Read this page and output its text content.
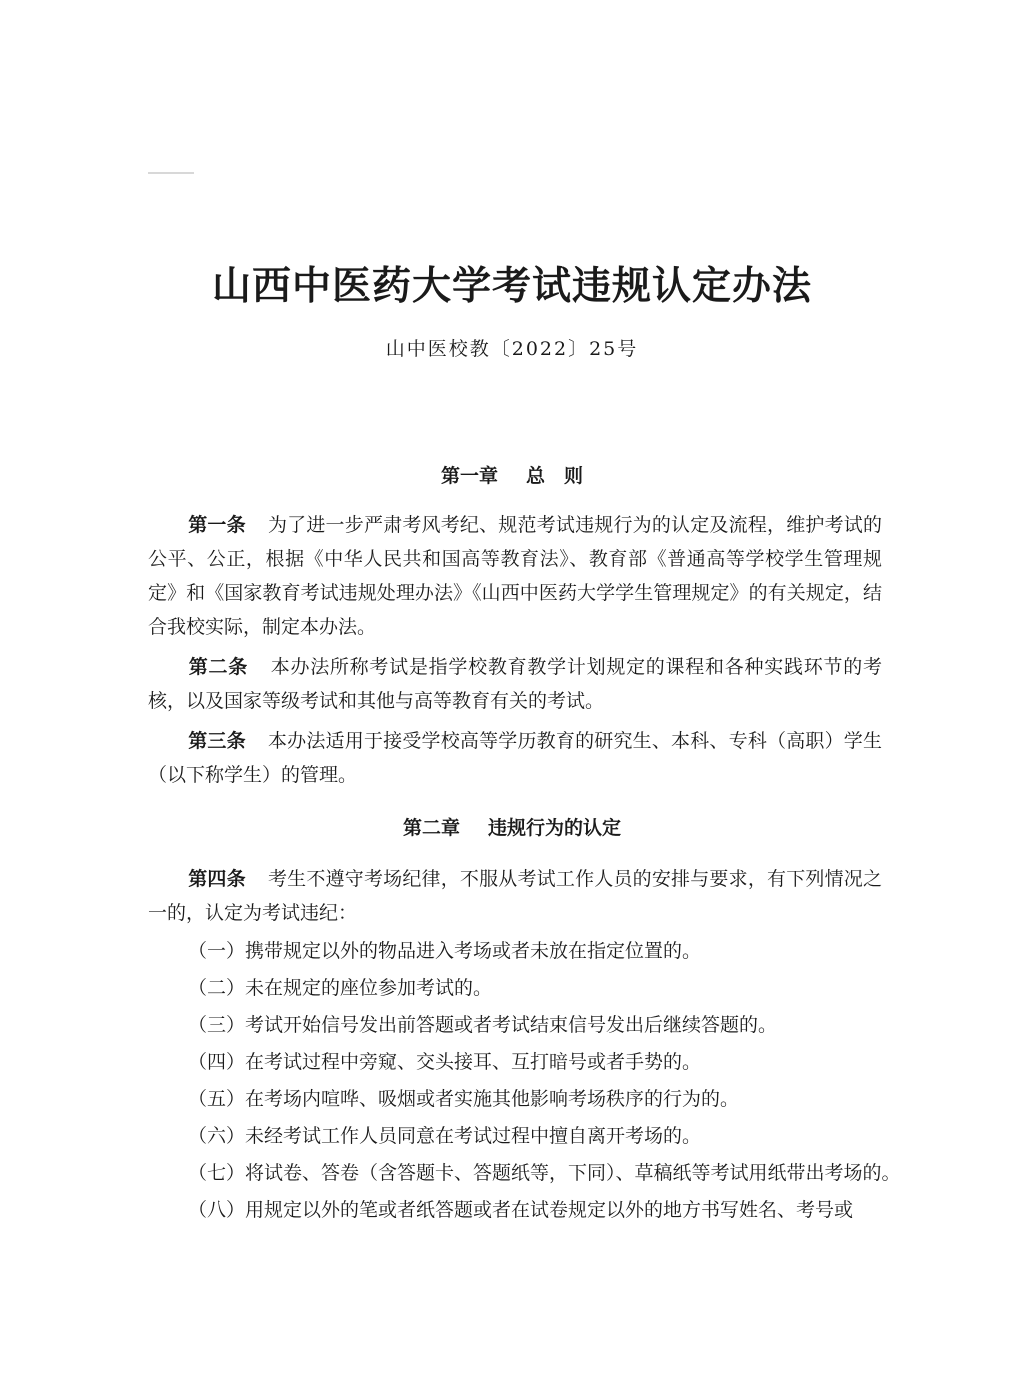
山西中医药大学考试违规认定办法
山中医校教〔2022〕25号
第一章 总　则
第一条 为了进一步严肃考风考纪、规范考试违规行为的认定及流程，维护考试的公平、公正，根据《中华人民共和国高等教育法》、教育部《普通高等学校学生管理规定》和《国家教育考试违规处理办法》《山西中医药大学学生管理规定》的有关规定，结合我校实际，制定本办法。
第二条 本办法所称考试是指学校教育教学计划规定的课程和各种实践环节的考核，以及国家等级考试和其他与高等教育有关的考试。
第三条 本办法适用于接受学校高等学历教育的研究生、本科、专科（高职）学生（以下称学生）的管理。
第二章 违规行为的认定
第四条 考生不遵守考场纪律，不服从考试工作人员的安排与要求，有下列情况之一的，认定为考试违纪：
（一）携带规定以外的物品进入考场或者未放在指定位置的。
（二）未在规定的座位参加考试的。
（三）考试开始信号发出前答题或者考试结束信号发出后继续答题的。
（四）在考试过程中旁窥、交头接耳、互打暗号或者手势的。
（五）在考场内喧哗、吸烟或者实施其他影响考场秩序的行为的。
（六）未经考试工作人员同意在考试过程中擅自离开考场的。
（七）将试卷、答卷（含答题卡、答题纸等，下同）、草稿纸等考试用纸带出考场的。
（八）用规定以外的笔或者纸答题或者在试卷规定以外的地方书写姓名、考号或
